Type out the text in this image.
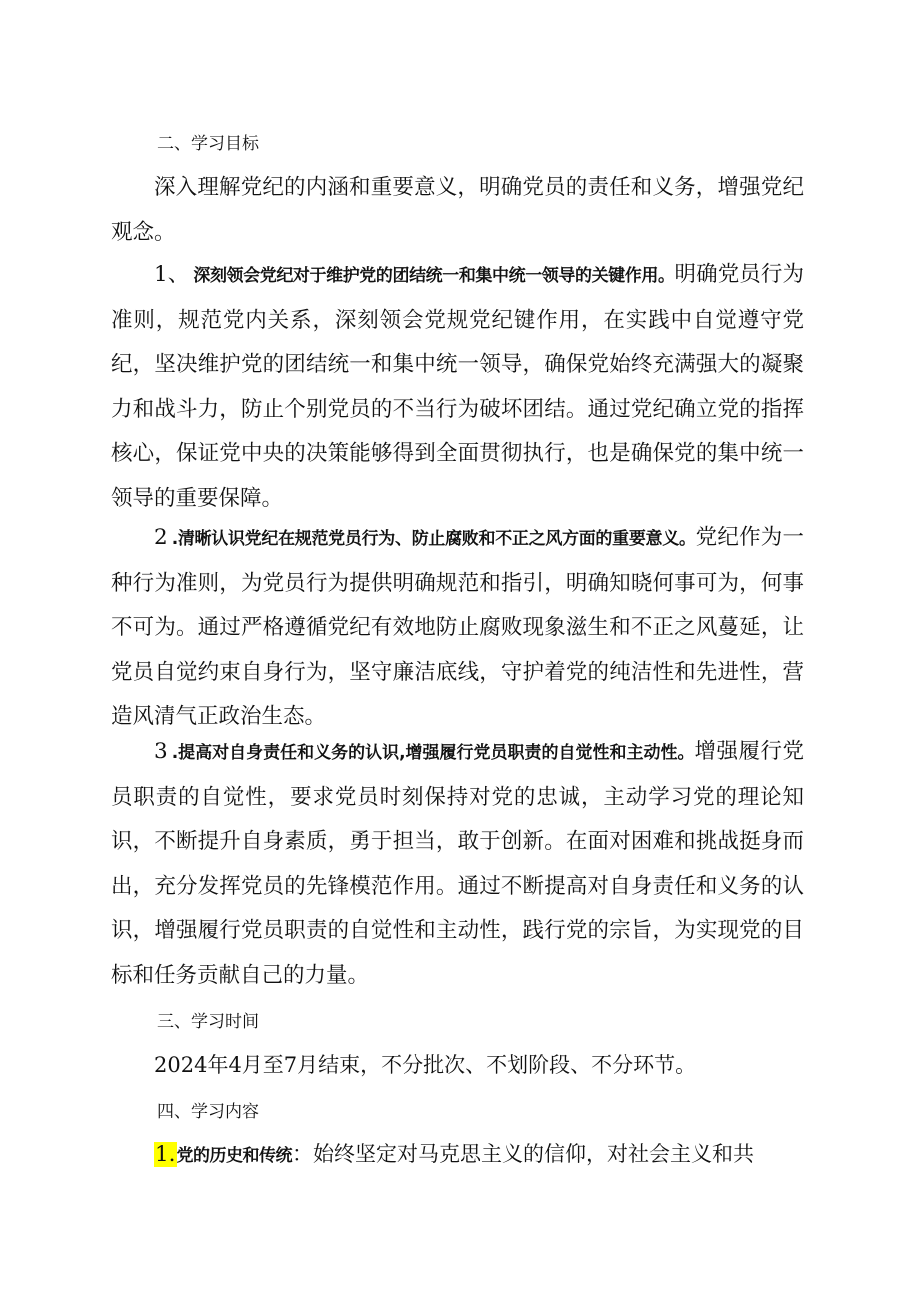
二、学习目标

深入理解党纪的内涵和重要意义，明确党员的责任和义务，增强党纪观念。

1、 深刻领会党纪对于维护党的团结统一和集中统一领导的关键作用。明确党员行为准则，规范党内关系，深刻领会党规党纪键作用，在实践中自觉遵守党纪，坚决维护党的团结统一和集中统一领导，确保党始终充满强大的凝聚力和战斗力，防止个别党员的不当行为破坏团结。通过党纪确立党的指挥核心，保证党中央的决策能够得到全面贯彻执行，也是确保党的集中统一领导的重要保障。

2 .清晰认识党纪在规范党员行为、防止腐败和不正之风方面的重要意义。党纪作为一种行为准则，为党员行为提供明确规范和指引，明确知晓何事可为，何事不可为。通过严格遵循党纪有效地防止腐败现象滋生和不正之风蔓延，让党员自觉约束自身行为，坚守廉洁底线，守护着党的纯洁性和先进性，营造风清气正政治生态。

3 .提高对自身责任和义务的认识,增强履行党员职责的自觉性和主动性。增强履行党员职责的自觉性，要求党员时刻保持对党的忠诚，主动学习党的理论知识，不断提升自身素质，勇于担当，敢于创新。在面对困难和挑战挺身而出，充分发挥党员的先锋模范作用。通过不断提高对自身责任和义务的认识，增强履行党员职责的自觉性和主动性，践行党的宗旨，为实现党的目标和任务贡献自己的力量。

三、学习时间
2024年4月至7月结束，不分批次、不划阶段、不分环节。
四、学习内容
1.党的历史和传统：始终坚定对马克思主义的信仰，对社会主义和共
